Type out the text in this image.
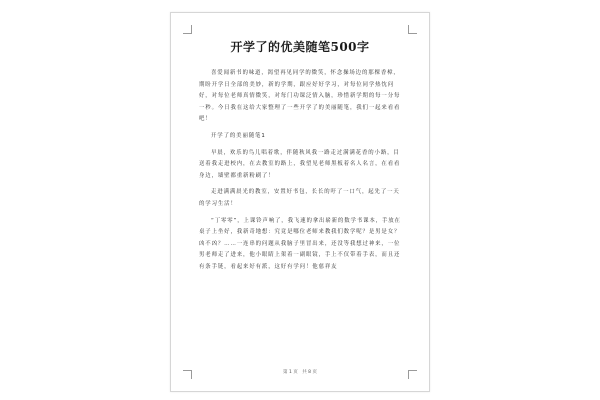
开学了的优美随笔500字

喜爱闻新书的味道，渴望再见同学的微笑，怀念操场边的那棵香樟，期盼开学日全部的美妙，新的学期，跟应好好学习，对每位同学热忱问好，对每位老师真情微笑，对每门功课泛情入脑，珍惜新学期的每一分每一秒。今日我在这给大家整理了一些开学了的美丽随笔，我们一起来看看吧！

开学了的美丽随笔1

早晨，欢乐的鸟儿唱着歌，伴随秋风我一路走过满满花香的小路，目送着我走进校内，在去教室的路上，我望见老师黑板着名人名言，在看看身边，墙壁都重新粉刷了！

走进满满晨光的教室，安置好书包，长长的吁了一口气，起先了一天的学习生活！

“丁零零”，上课铃声响了，我飞速的拿出崭新的数学书课本，手放在桌子上坐好，我新奇地想：究竟是哪位老师来教我们数学呢？是男是女？凶不凶？……一连串的问题从我脑子里冒出来，还没等我想过神来，一位男老师走了进来，他小眼睛上架着一副眼镜，手上不仅带着手表，而且还有条手链，看起来好有派，这好有学问！他慈祥友

第 1 页　共 8 页
